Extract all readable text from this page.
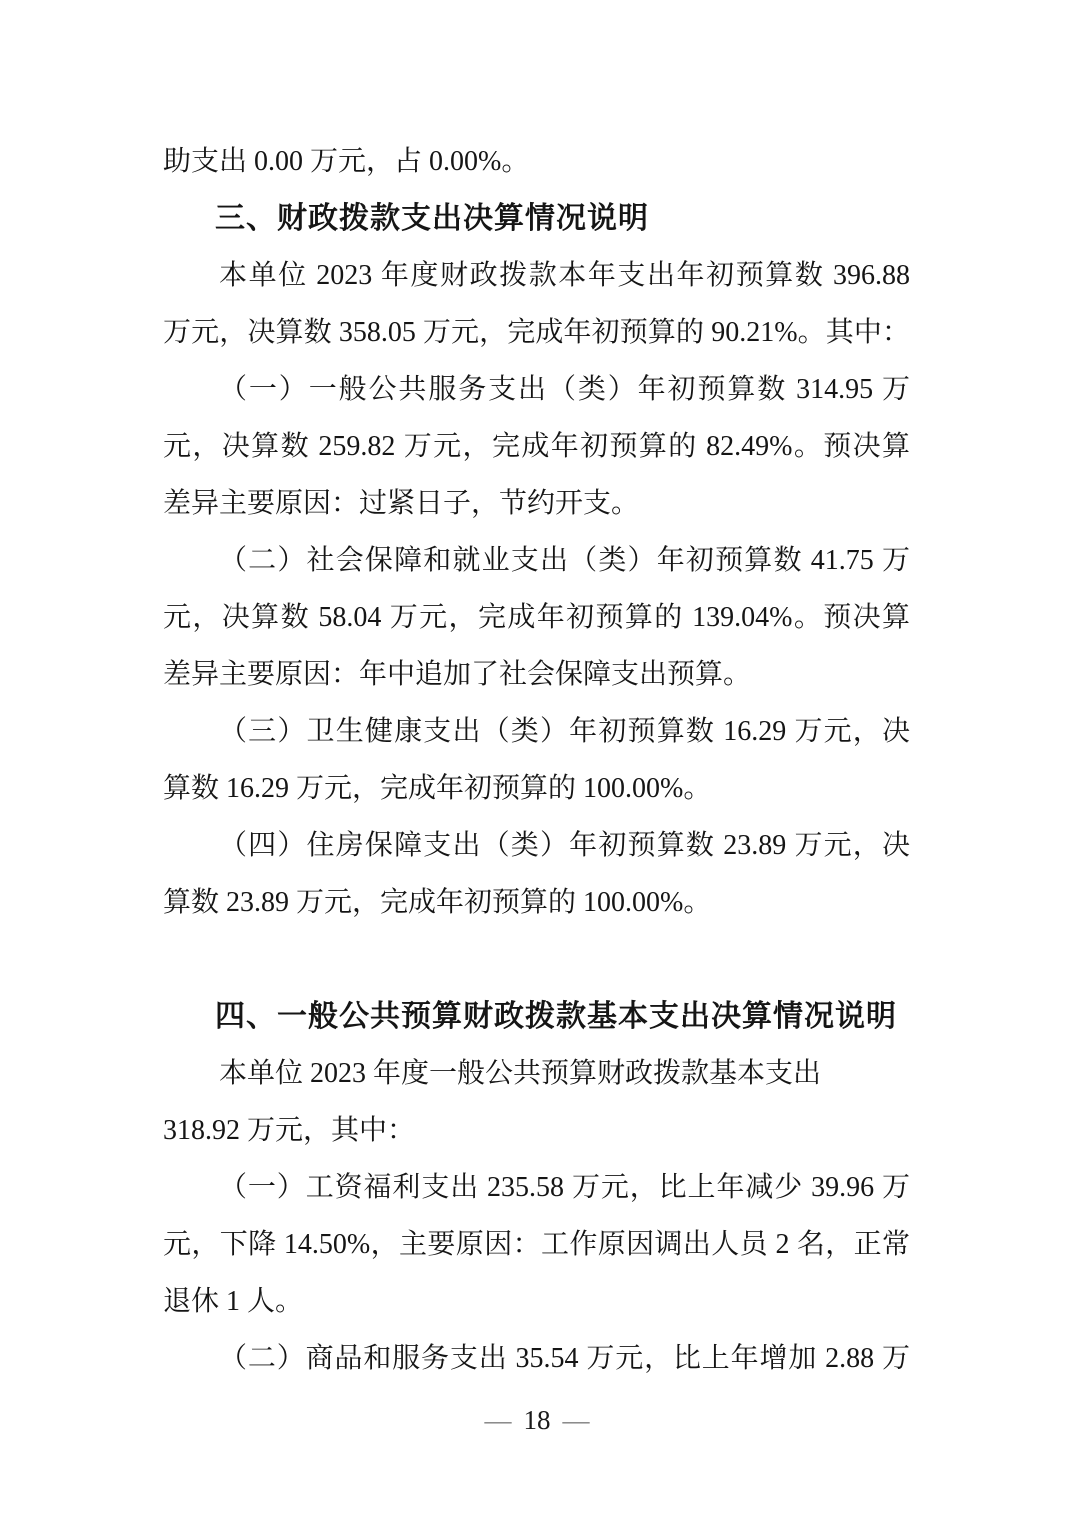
助支出 0.00 万元，占 0.00%。
三、财政拨款支出决算情况说明
本单位 2023 年度财政拨款本年支出年初预算数 396.88
万元，决算数 358.05 万元，完成年初预算的 90.21%。其中：
（一）一般公共服务支出（类）年初预算数 314.95 万
元，决算数 259.82 万元，完成年初预算的 82.49%。预决算
差异主要原因：过紧日子，节约开支。
（二）社会保障和就业支出（类）年初预算数 41.75 万
元，决算数 58.04 万元，完成年初预算的 139.04%。预决算
差异主要原因：年中追加了社会保障支出预算。
（三）卫生健康支出（类）年初预算数 16.29 万元，决
算数 16.29 万元，完成年初预算的 100.00%。
（四）住房保障支出（类）年初预算数 23.89 万元，决
算数 23.89 万元，完成年初预算的 100.00%。
四、一般公共预算财政拨款基本支出决算情况说明
本单位 2023 年度一般公共预算财政拨款基本支出
318.92 万元，其中：
（一）工资福利支出 235.58 万元，比上年减少 39.96 万
元，下降 14.50%，主要原因：工作原因调出人员 2 名，正常
退休 1 人。
（二）商品和服务支出 35.54 万元，比上年增加 2.88 万
— 18 —
